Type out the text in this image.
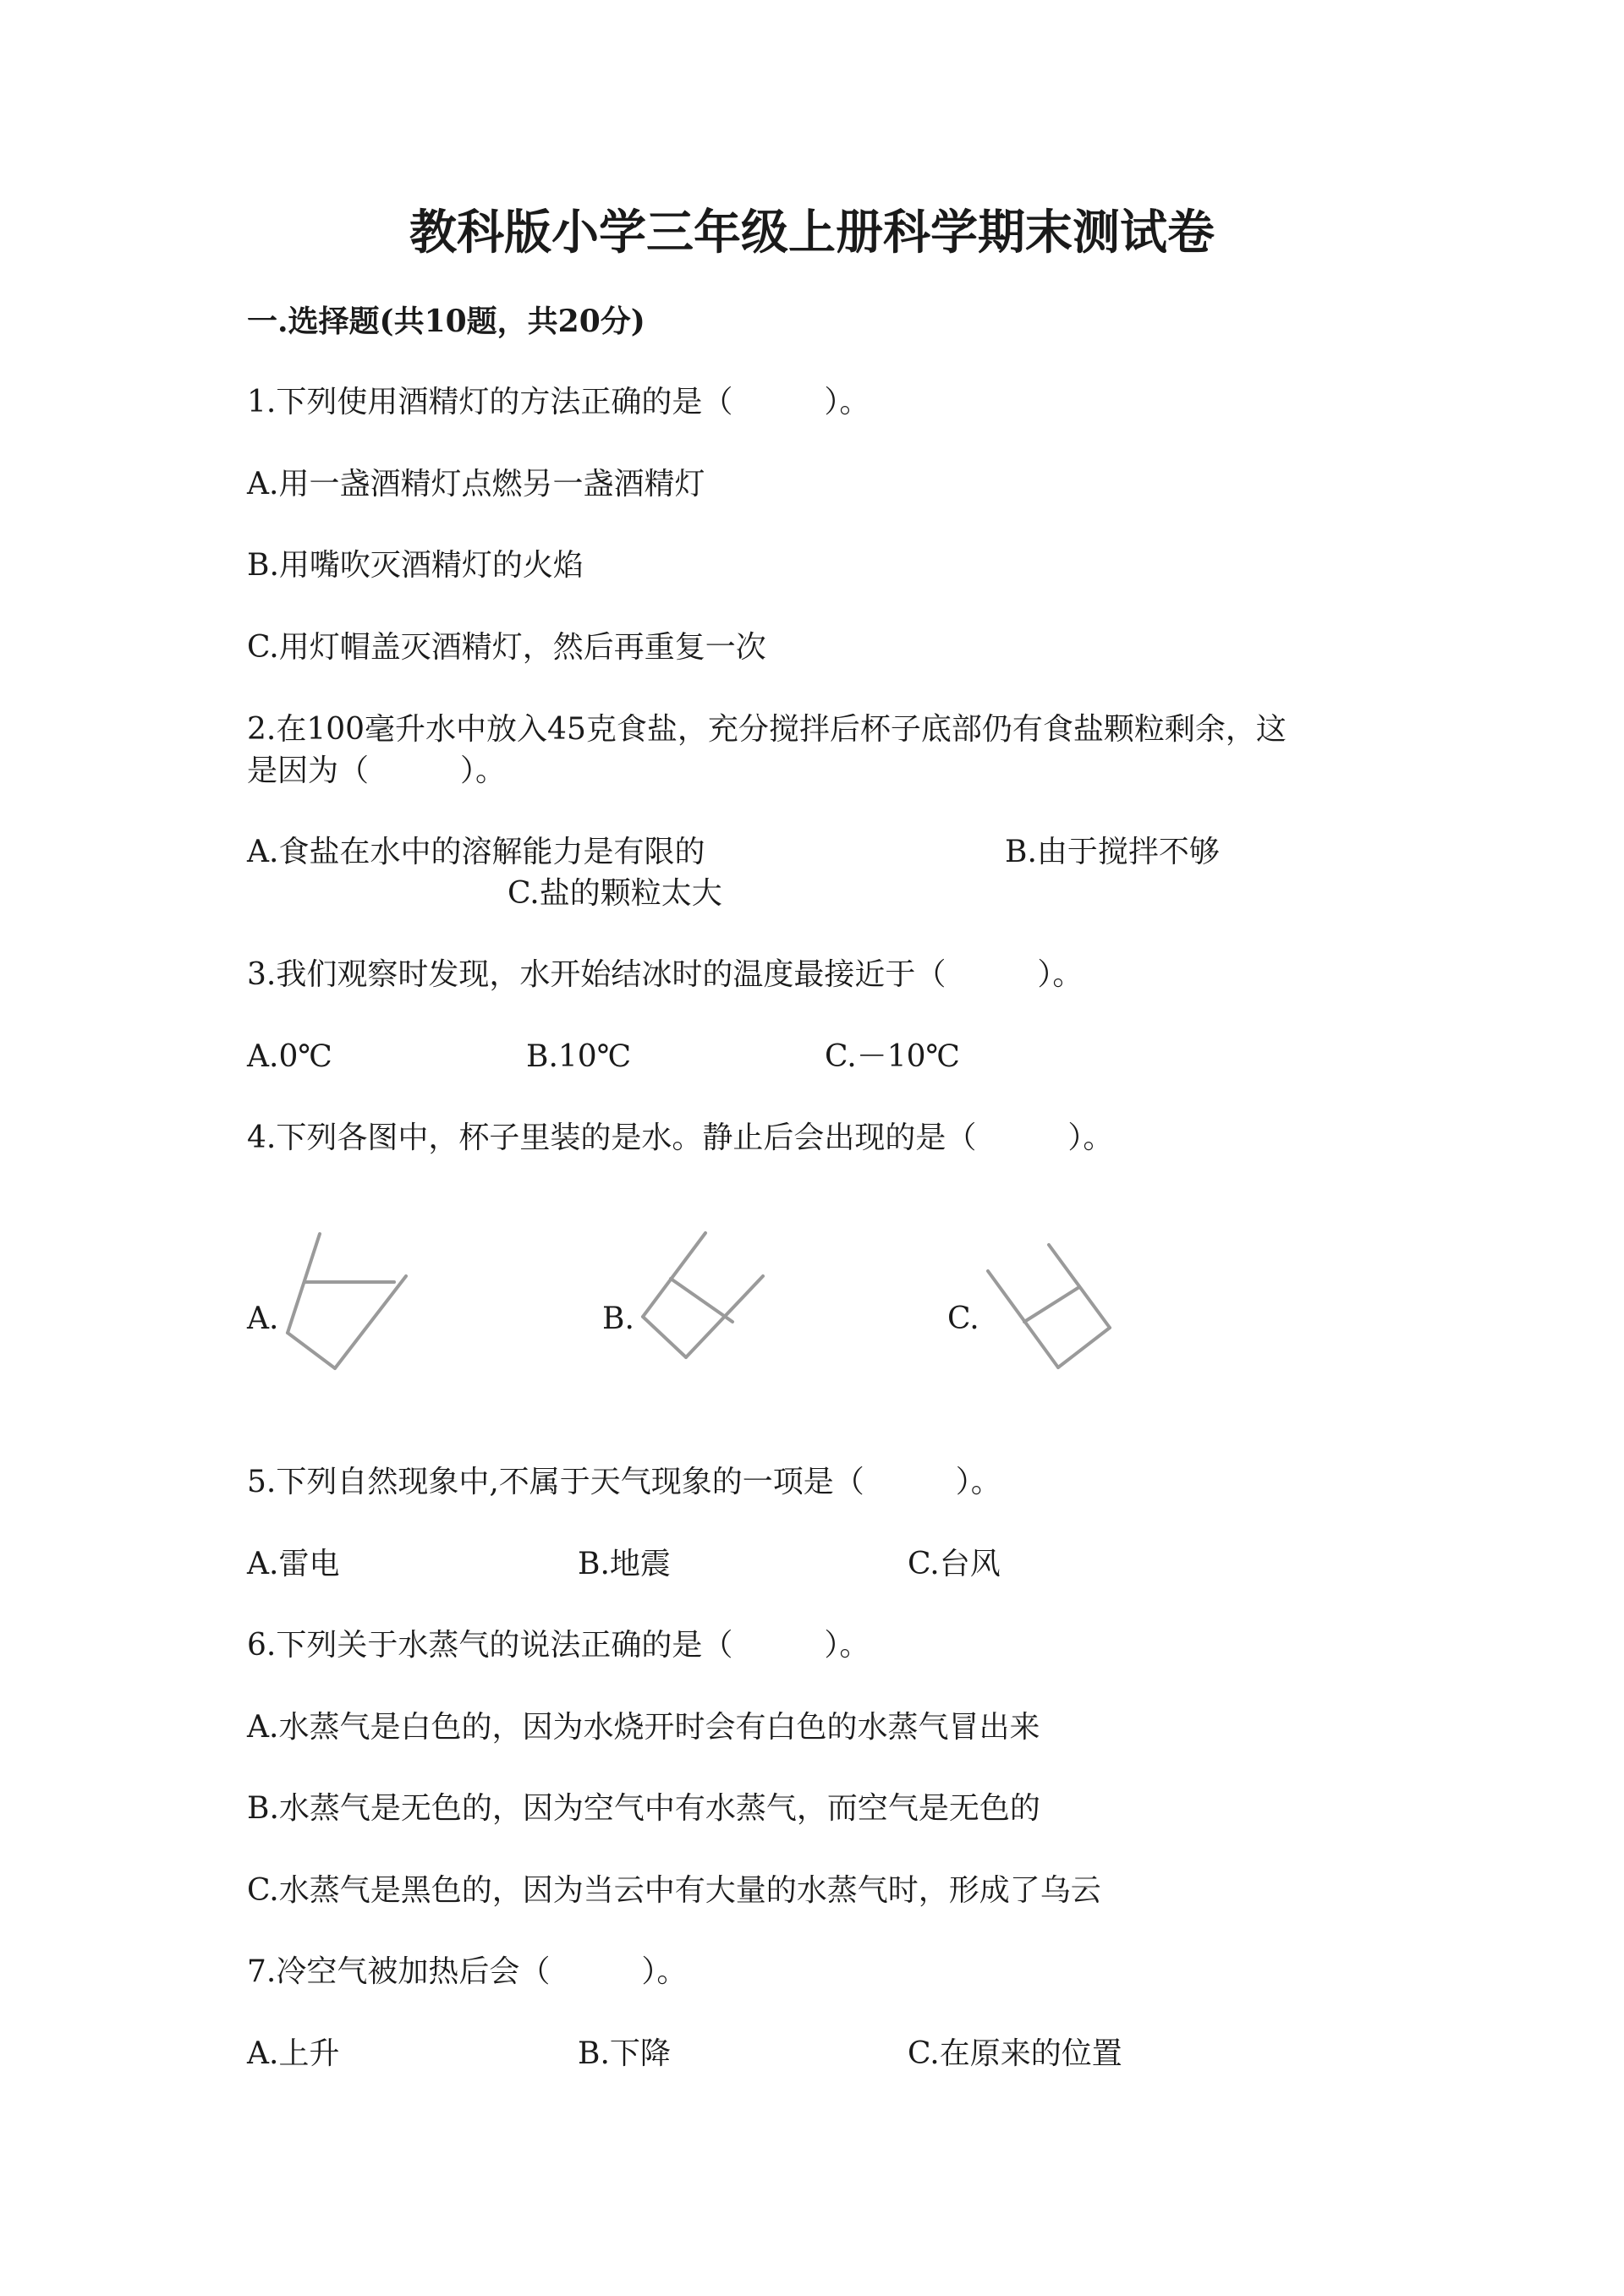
教科版小学三年级上册科学期末测试卷
一.选择题(共10题，共20分)
1.下列使用酒精灯的方法正确的是（　　　）。
A.用一盏酒精灯点燃另一盏酒精灯
B.用嘴吹灭酒精灯的火焰
C.用灯帽盖灭酒精灯，然后再重复一次
2.在100毫升水中放入45克食盐，充分搅拌后杯子底部仍有食盐颗粒剩余，这
是因为（　　　）。
A.食盐在水中的溶解能力是有限的	B.由于搅拌不够
C.盐的颗粒太大
3.我们观察时发现，水开始结冰时的温度最接近于（　　　）。
A.0℃	B.10℃	C.－10℃
4.下列各图中，杯子里装的是水。静止后会出现的是（　　　）。
A.	B.	C.
5.下列自然现象中,不属于天气现象的一项是（　　　）。
A.雷电	B.地震	C.台风
6.下列关于水蒸气的说法正确的是（　　　）。
A.水蒸气是白色的，因为水烧开时会有白色的水蒸气冒出来
B.水蒸气是无色的，因为空气中有水蒸气，而空气是无色的
C.水蒸气是黑色的，因为当云中有大量的水蒸气时，形成了乌云
7.冷空气被加热后会（　　　）。
A.上升	B.下降	C.在原来的位置
